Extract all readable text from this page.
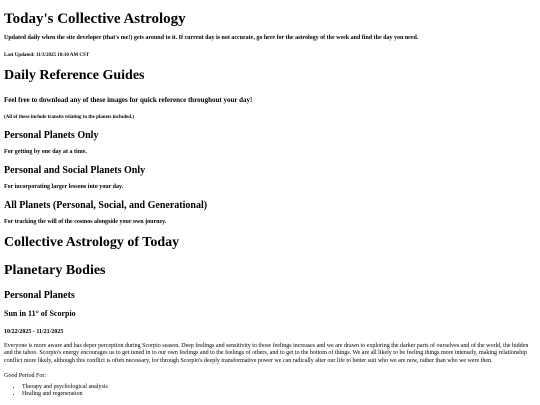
Today's Collective Astrology

Updated daily when the site developer (that's me!) gets around to it. If current day is not accurate, go here for the astrology of the week and find the day you need.

Last Updated: 11/3/2025 10:10 AM CST

Daily Reference Guides

Feel free to download any of these images for quick reference throughout your day!

(All of these include transits relating to the planets included.)

Personal Planets Only

For getting by one day at a time.

Personal and Social Planets Only

For incorporating larger lessons into your day.

All Planets (Personal, Social, and Generational)

For tracking the will of the cosmos alongside your own journey.

Collective Astrology of Today
Planetary Bodies
Personal Planets
Sun in 11° of Scorpio

10/22/2025 - 11/21/2025

Everyone is more aware and has deper perception during Scorpio season. Deep feelings and sensitivity to those feelings increases and we are drawn to exploring the darker parts of ourselves and of the world, the hidden and the taboo. Scorpio's energy encourages us to get tuned in to our own feelings and to the feelings of others, and to get to the bottom of things. We are all likely to be feeling things more intensely, making relationship conflict more likely, although this conflict is often necessary, for through Scorpio's deeply transformative power we can radically alter our life to better suit who we are now, rather than who we were then.

Good Period For:

• Therapy and psychological analysis
• Healing and regeneration
